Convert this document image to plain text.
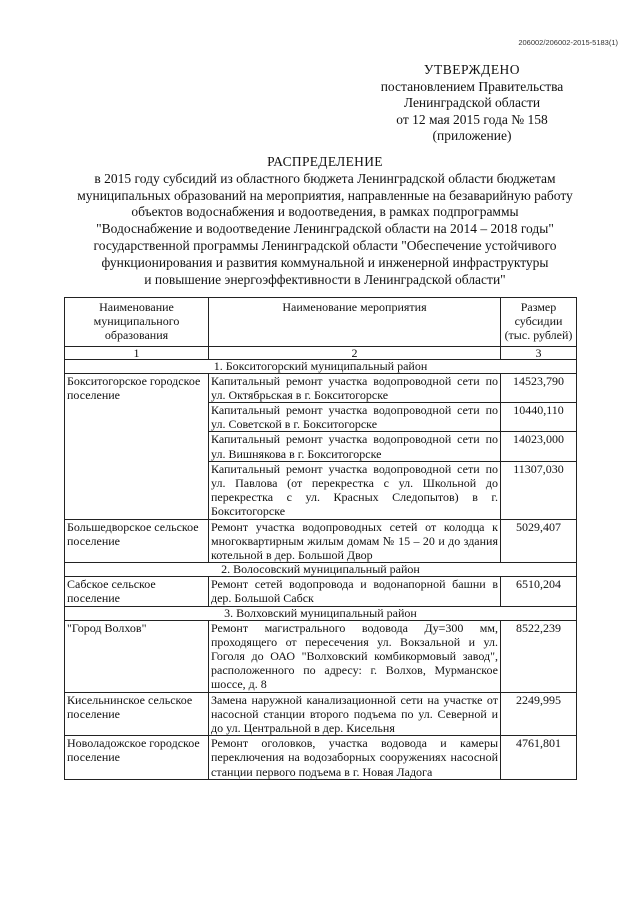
206002/206002-2015-5183(1)
УТВЕРЖДЕНО
постановлением Правительства
Ленинградской области
от 12 мая 2015 года № 158
(приложение)
РАСПРЕДЕЛЕНИЕ
в 2015 году субсидий из областного бюджета Ленинградской области бюджетам
муниципальных образований на мероприятия, направленные на безаварийную работу
объектов водоснабжения и водоотведения, в рамках подпрограммы
"Водоснабжение и водоотведение Ленинградской области на 2014 – 2018 годы"
государственной программы Ленинградской области "Обеспечение устойчивого
функционирования и развития коммунальной и инженерной инфраструктуры
и повышение энергоэффективности в Ленинградской области"
Наименование муниципального образования	Наименование мероприятия	Размер субсидии (тыс. рублей)
1	2	3
1. Бокситогорский муниципальный район		
Бокситогорское городское поселение	Капитальный ремонт участка водопроводной сети по ул. Октябрьская в г. Бокситогорске	14523,790
	Капитальный ремонт участка водопроводной сети по ул. Советской в г. Бокситогорске	10440,110
	Капитальный ремонт участка водопроводной сети по ул. Вишнякова в г. Бокситогорске	14023,000
	Капитальный ремонт участка водопроводной сети по ул. Павлова (от перекрестка с ул. Школьной до перекрестка с ул. Красных Следопытов) в г. Бокситогорске	11307,030
Большедворское сельское поселение	Ремонт участка водопроводных сетей от колодца к многоквартирным жилым домам № 15 – 20 и до здания котельной в дер. Большой Двор	5029,407
2. Волосовский муниципальный район		
Сабское сельское поселение	Ремонт сетей водопровода и водонапорной башни в дер. Большой Сабск	6510,204
3. Волховский муниципальный район		
"Город Волхов"	Ремонт магистрального водовода Ду=300 мм, проходящего от пересечения ул. Вокзальной и ул. Гоголя до ОАО "Волховский комбикормовый завод", расположенного по адресу: г. Волхов, Мурманское шоссе, д. 8	8522,239
Кисельнинское сельское поселение	Замена наружной канализационной сети на участке от насосной станции второго подъема по ул. Северной и до ул. Центральной в дер. Кисельня	2249,995
Новоладожское городское поселение	Ремонт оголовков, участка водовода и камеры переключения на водозаборных сооружениях насосной станции первого подъема в г. Новая Ладога	4761,801
